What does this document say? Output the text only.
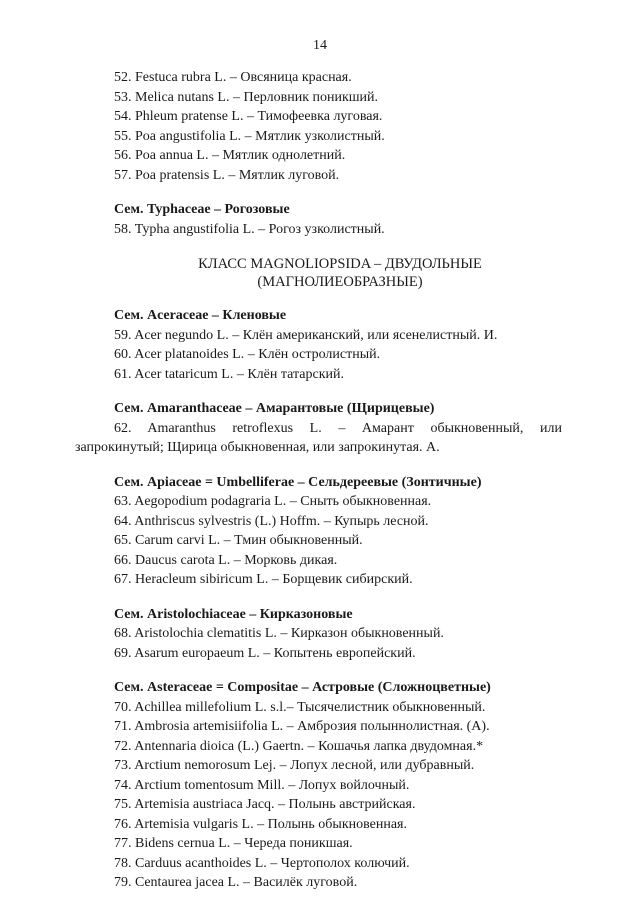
14
52. Festuca rubra L. – Овсяница красная.
53. Melica nutans L. – Перловник поникший.
54. Phleum pratense L. – Тимофеевка луговая.
55. Poa angustifolia L. – Мятлик узколистный.
56. Poa annua L. – Мятлик однолетний.
57. Poa pratensis L. – Мятлик луговой.
Сем. Typhaceae – Рогозовые
58. Typha angustifolia L. – Рогоз узколистный.
КЛАСС MAGNOLIOPSIDA – ДВУДОЛЬНЫЕ
(МАГНОЛИЕОБРАЗНЫЕ)
Сем. Aceraceae – Кленовые
59. Acer negundo L. – Клён американский, или ясенелистный. И.
60. Acer platanoides L. – Клён остролистный.
61. Acer tataricum L. – Клён татарский.
Сем. Amaranthaceae – Амарантовые (Щирицевые)
62. Amaranthus retroflexus L. – Амарант обыкновенный, или
запрокинутый; Щирица обыкновенная, или запрокинутая. А.
Сем. Apiaceae = Umbelliferae – Сельдереевые (Зонтичные)
63. Aegopodium podagraria L. – Сныть обыкновенная.
64. Anthriscus sylvestris (L.) Hoffm. – Купырь лесной.
65. Carum carvi L. – Тмин обыкновенный.
66. Daucus carota L. – Морковь дикая.
67. Heracleum sibiricum L. – Борщевик сибирский.
Сем. Aristolochiaceae – Кирказоновые
68. Aristolochia clematitis L. – Кирказон обыкновенный.
69. Asarum europaeum L. – Копытень европейский.
Сем. Asteraceae = Compositae – Астровые (Сложноцветные)
70. Achillea millefolium L. s.l.– Тысячелистник обыкновенный.
71. Ambrosia artemisiifolia L. – Амброзия полыннолистная. (А).
72. Antennaria dioica (L.) Gaertn. – Кошачья лапка двудомная.*
73. Arctium nemorosum Lej. – Лопух лесной, или дубравный.
74. Arctium tomentosum Mill. – Лопух войлочный.
75. Artemisia austriaca Jacq. – Полынь австрийская.
76. Artemisia vulgaris L. – Полынь обыкновенная.
77. Bidens cernua L. – Череда поникшая.
78. Carduus acanthoides L. – Чертополох колючий.
79. Centaurea jacea L. – Василёк луговой.
